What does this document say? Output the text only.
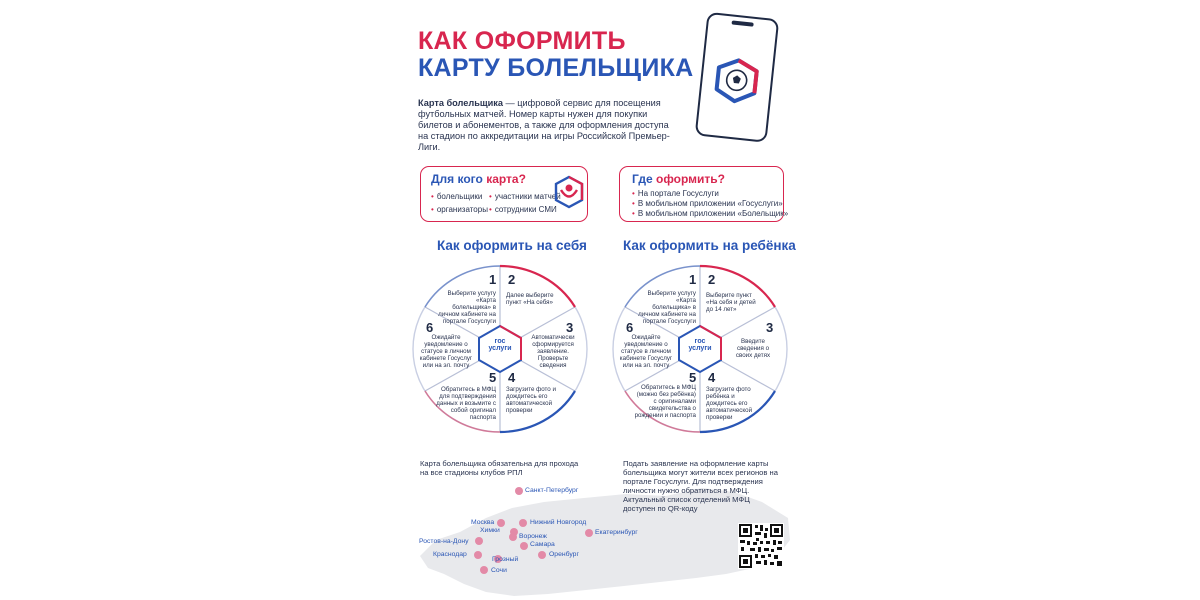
КАК ОФОРМИТЬ
КАРТУ БОЛЕЛЬЩИКА
Карта болельщика — цифровой сервис для посещения футбольных матчей. Номер карты нужен для покупки билетов и абонементов, а также для оформления доступа на стадион по аккредитации на игры Российской Премьер-Лиги.
Для кого карта?
• болельщики
• организаторы
• участники матчей
• сотрудники СМИ
Где оформить?
• На портале Госуслуги
• В мобильном приложении «Госуслуги»
• В мобильном приложении «Болельщик»
Как оформить на себя	Как оформить на ребёнка
гос
услуги
1
Выберите услугу «Карта болельщика» в личном кабинете на портале Госуслуги
2
Далее выберите пункт «На себя»
3
Автоматически сформируется заявление. Проверьте сведения
4
Загрузите фото и дождитесь его автоматической проверки
5
Обратитесь в МФЦ для подтверждения данных и возьмите с собой оригинал паспорта
6
Ожидайте уведомление о статусе в личном кабинете Госуслуг или на эл. почту
гос
услуги
1
Выберите услугу «Карта болельщика» в личном кабинете на портале Госуслуги
2
Выберите пункт «На себя и детей до 14 лет»
3
Введите сведения о своих детях
4
Загрузите фото ребёнка и дождитесь его автоматической проверки
5
Обратитесь в МФЦ (можно без ребёнка) с оригиналами свидетельства о рождении и паспорта
6
Ожидайте уведомление о статусе в личном кабинете Госуслуг или на эл. почту
Карта болельщика обязательна для прохода на все стадионы клубов РПЛ
Подать заявление на оформление карты болельщика могут жители всех регионов на портале Госуслуги. Для подтверждения личности нужно обратиться в МФЦ. Актуальный список отделений МФЦ доступен по QR-коду
Санкт-Петербург
Москва
Химки
Нижний Новгород
Воронеж
Самара
Екатеринбург
Ростов-на-Дону
Краснодар
Грозный
Оренбург
Сочи
